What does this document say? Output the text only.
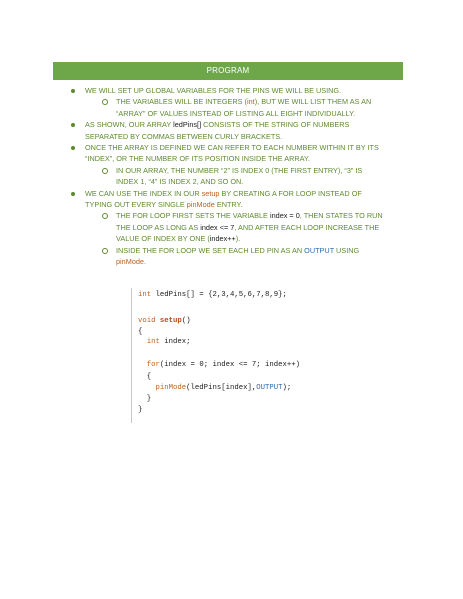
PROGRAM
WE WILL SET UP GLOBAL VARIABLES FOR THE PINS WE WILL BE USING.
THE VARIABLES WILL BE INTEGERS (int), BUT WE WILL LIST THEM AS AN
“ARRAY” OF VALUES INSTEAD OF LISTING ALL EIGHT INDIVIDUALLY.
AS SHOWN, OUR ARRAY ledPins[] CONSISTS OF THE STRING OF NUMBERS
SEPARATED BY COMMAS BETWEEN CURLY BRACKETS.
ONCE THE ARRAY IS DEFINED WE CAN REFER TO EACH NUMBER WITHIN IT BY ITS
“INDEX”, OR THE NUMBER OF ITS POSITION INSIDE THE ARRAY.
IN OUR ARRAY, THE NUMBER “2” IS INDEX 0 (THE FIRST ENTRY), “3” IS
INDEX 1, “4” IS INDEX 2, AND SO ON.
WE CAN USE THE INDEX IN OUR setup BY CREATING A FOR LOOP INSTEAD OF
TYPING OUT EVERY SINGLE pinMode ENTRY.
THE FOR LOOP FIRST SETS THE VARIABLE index = 0, THEN STATES TO RUN
THE LOOP AS LONG AS index <= 7, AND AFTER EACH LOOP INCREASE THE
VALUE OF INDEX BY ONE (index++).
INSIDE THE FOR LOOP WE SET EACH LED PIN AS AN OUTPUT USING
pinMode.
int ledPins[] = {2,3,4,5,6,7,8,9};
void setup()
{
int index;
for(index = 0; index <= 7; index++)
{
pinMode(ledPins[index],OUTPUT);
}
}
